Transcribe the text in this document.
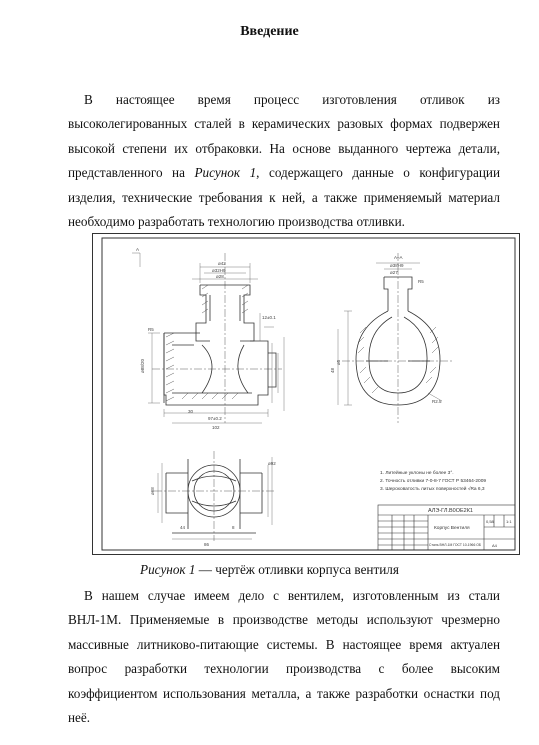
Введение

В настоящее время процесс изготовления отливок из высоколегированных сталей в керамических разовых формах подвержен высокой степени их отбраковки. На основе выданного чертежа детали, представленного на Рисунок 1, содержащего данные о конфигурации изделия, технические требования к ней, а также применяемый материал необходимо разработать технологию производства отливки.

A
ø42
ø32H9
ø28
ø88/20
97±0.2
102
12±0.1
R5
30
ø68
ø92
86
44	8
А–А
ø38H9
ø27
ø5
48
R2.5
R5
1. Литейные уклоны не более 3°.
2. Точность отливки 7-0-8-7 ГОСТ Р 53464-2009
3. Шероховатость литых поверхностей √Ra 6,3
АЛЭ-ГЛ.В0ОЕ2К1
Корпус Вентиля
Сталь ВНЛ-1М ГОСТ 10-1966 ОБ
0,58	1:1
А4
Рисунок 1 — чертёж отливки корпуса вентиля

В нашем случае имеем дело с вентилем, изготовленным из стали ВНЛ-1М. Применяемые в производстве методы используют чрезмерно массивные литниково-питающие системы. В настоящее время актуален вопрос разработки технологии производства с более высоким коэффициентом использования металла, а также разработки оснастки под неё.
